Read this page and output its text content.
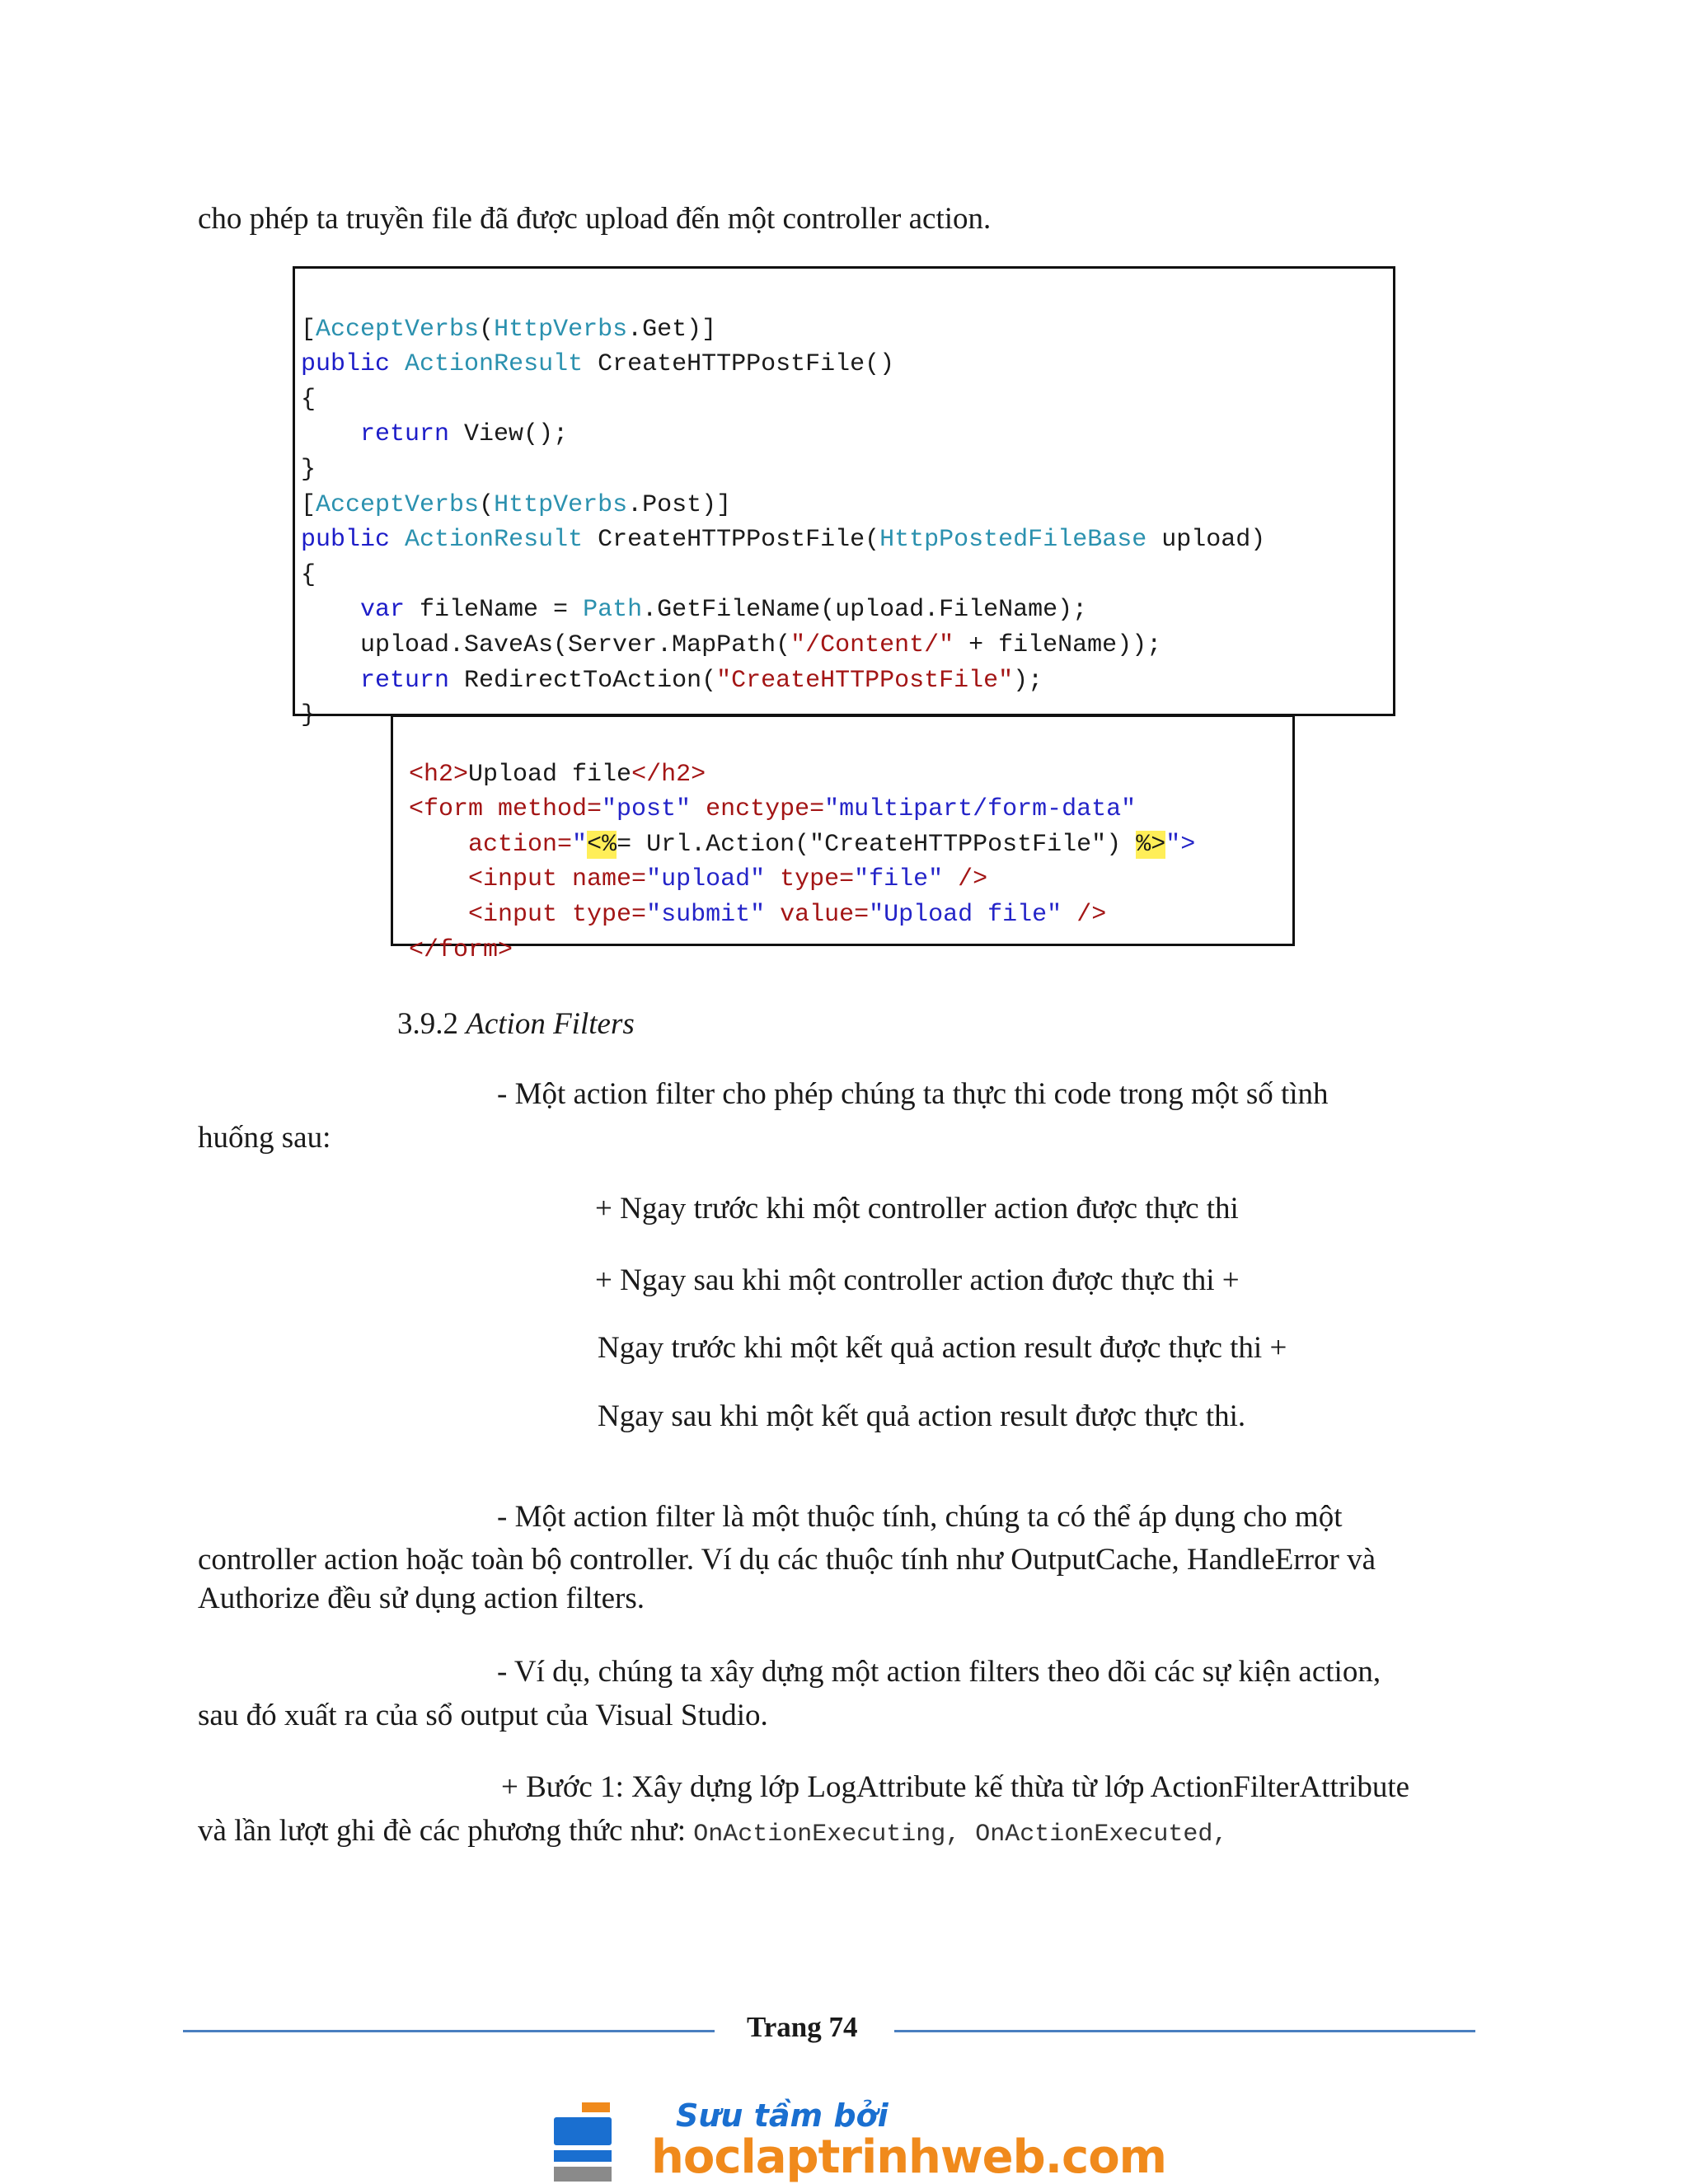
cho phép ta truyền file đã được upload đến một controller action.

[AcceptVerbs(HttpVerbs.Get)]
public ActionResult CreateHTTPPostFile()
{
return View();
}
[AcceptVerbs(HttpVerbs.Post)]
public ActionResult CreateHTTPPostFile(HttpPostedFileBase upload)
{
var fileName = Path.GetFileName(upload.FileName);
upload.SaveAs(Server.MapPath("/Content/" + fileName));
return RedirectToAction("CreateHTTPPostFile");
}

<h2>Upload file</h2>
<form method="post" enctype="multipart/form-data"
action="<%= Url.Action("CreateHTTPPostFile") %>">
<input name="upload" type="file" />
<input type="submit" value="Upload file" />
</form>

3.9.2 Action Filters
- Một action filter cho phép chúng ta thực thi code trong một số tình
huống sau:
+ Ngay trước khi một controller action được thực thi
+ Ngay sau khi một controller action được thực thi +
Ngay trước khi một kết quả action result được thực thi +
Ngay sau khi một kết quả action result được thực thi.
- Một action filter là một thuộc tính, chúng ta có thể áp dụng cho một
controller action hoặc toàn bộ controller. Ví dụ các thuộc tính như OutputCache, HandleError và
Authorize đều sử dụng action filters.
- Ví dụ, chúng ta xây dựng một action filters theo dõi các sự kiện action,
sau đó xuất ra của sổ output của Visual Studio.
+ Bước 1: Xây dựng lớp LogAttribute kế thừa từ lớp ActionFilterAttribute
và lần lượt ghi đè các phương thức như: OnActionExecuting, OnActionExecuted,
Trang 74
Sưu tầm bởi
hoclaptrinhweb.com
